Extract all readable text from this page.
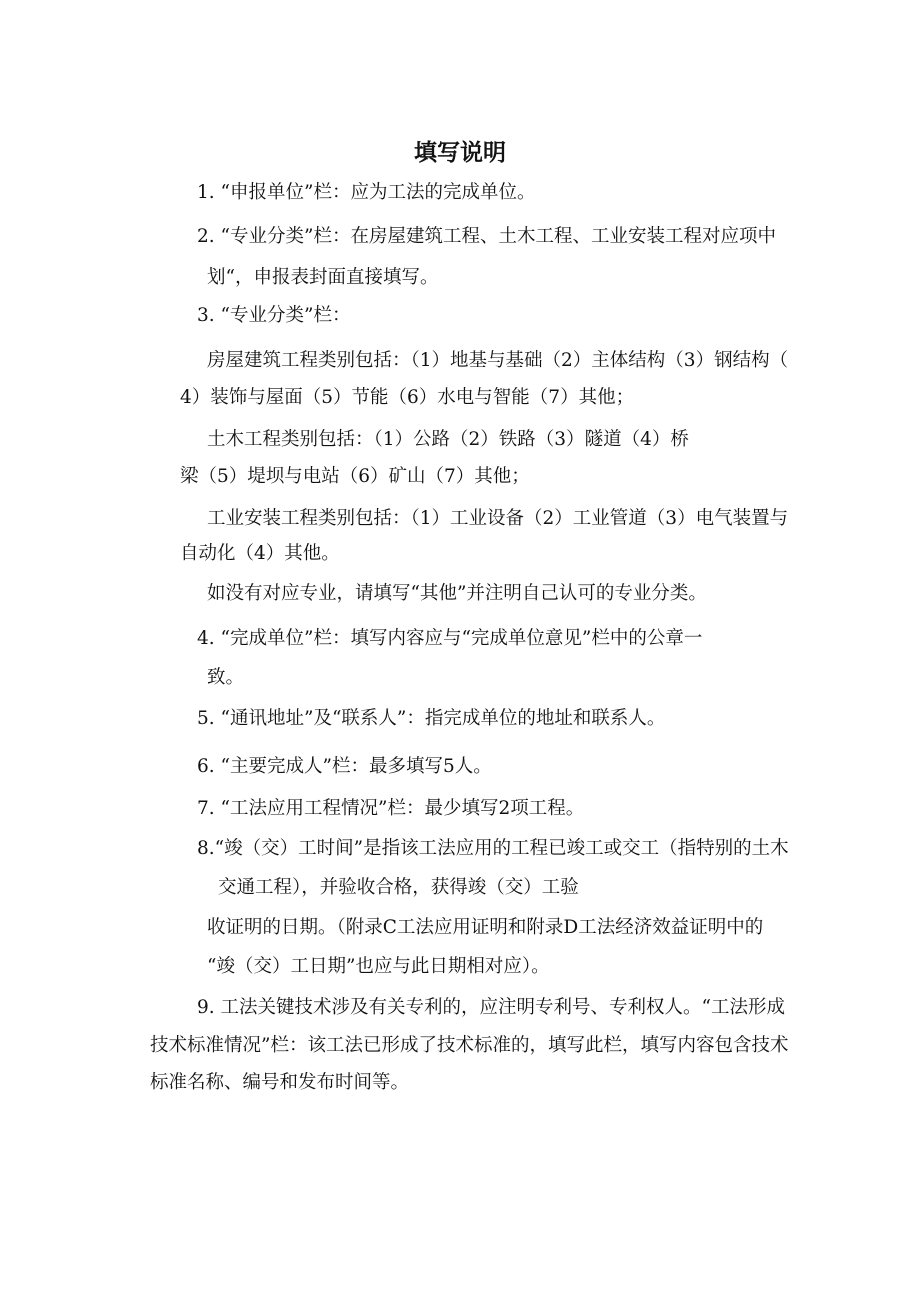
填写说明
1. “申报单位”栏：应为工法的完成单位。
2. “专业分类”栏：在房屋建筑工程、土木工程、工业安装工程对应项中
划“，申报表封面直接填写。
3. “专业分类”栏：
房屋建筑工程类别包括：（1）地基与基础（2）主体结构（3）钢结构（
4）装饰与屋面（5）节能（6）水电与智能（7）其他；
土木工程类别包括：（1）公路（2）铁路（3）隧道（4）桥
梁（5）堤坝与电站（6）矿山（7）其他；
工业安装工程类别包括：（1）工业设备（2）工业管道（3）电气装置与
自动化（4）其他。
如没有对应专业，请填写“其他”并注明自己认可的专业分类。
4. “完成单位”栏：填写内容应与“完成单位意见”栏中的公章一
致。
5. “通讯地址”及“联系人”：指完成单位的地址和联系人。
6. “主要完成人”栏：最多填写5人。
7. “工法应用工程情况”栏：最少填写2项工程。
8.“竣（交）工时间”是指该工法应用的工程已竣工或交工（指特别的土木
交通工程），并验收合格，获得竣（交）工验
收证明的日期。（附录C工法应用证明和附录D工法经济效益证明中的
“竣（交）工日期”也应与此日期相对应）。
9. 工法关键技术涉及有关专利的，应注明专利号、专利权人。“工法形成
技术标准情况”栏：该工法已形成了技术标准的，填写此栏，填写内容包含技术
标准名称、编号和发布时间等。
